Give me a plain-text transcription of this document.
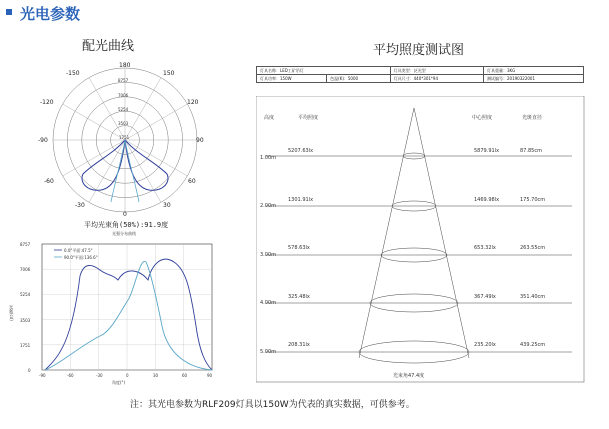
光电参数
配光曲线
180
-150	150
-120	120
-90	90
-60	60
-30	30
0
8757
7006
5254
3503
1751
平均光束角(50%):91.9度
光强分布曲线
0.0°平面:47.5°
90.0°平面:136.6°
8757
7006
5254
3503
1751
0
光强(cd)
-90	-60	-30	0	30	60	90
角度(°)
平均照度测试图
灯具名称：LED工矿吊灯		灯具类型：泛光型	灯具重量：3KG
灯具功率：150W	色温(K)：5000	灯具尺寸：440*301*94	测试编号：20190322001
高度	平均照度	中心照度	光斑直径
1.00m
5207.63lx	5879.91lx	87.85cm
2.00m
1301.91lx	1469.98lx	175.70cm
3.00m
578.63lx	653.32lx	263.55cm
4.00m
325.48lx	367.49lx	351.40cm
5.00m
208.31lx	235.20lx	439.25cm
光束角47.4度
注：其光电参数为RLF209灯具以150W为代表的真实数据，可供参考。
